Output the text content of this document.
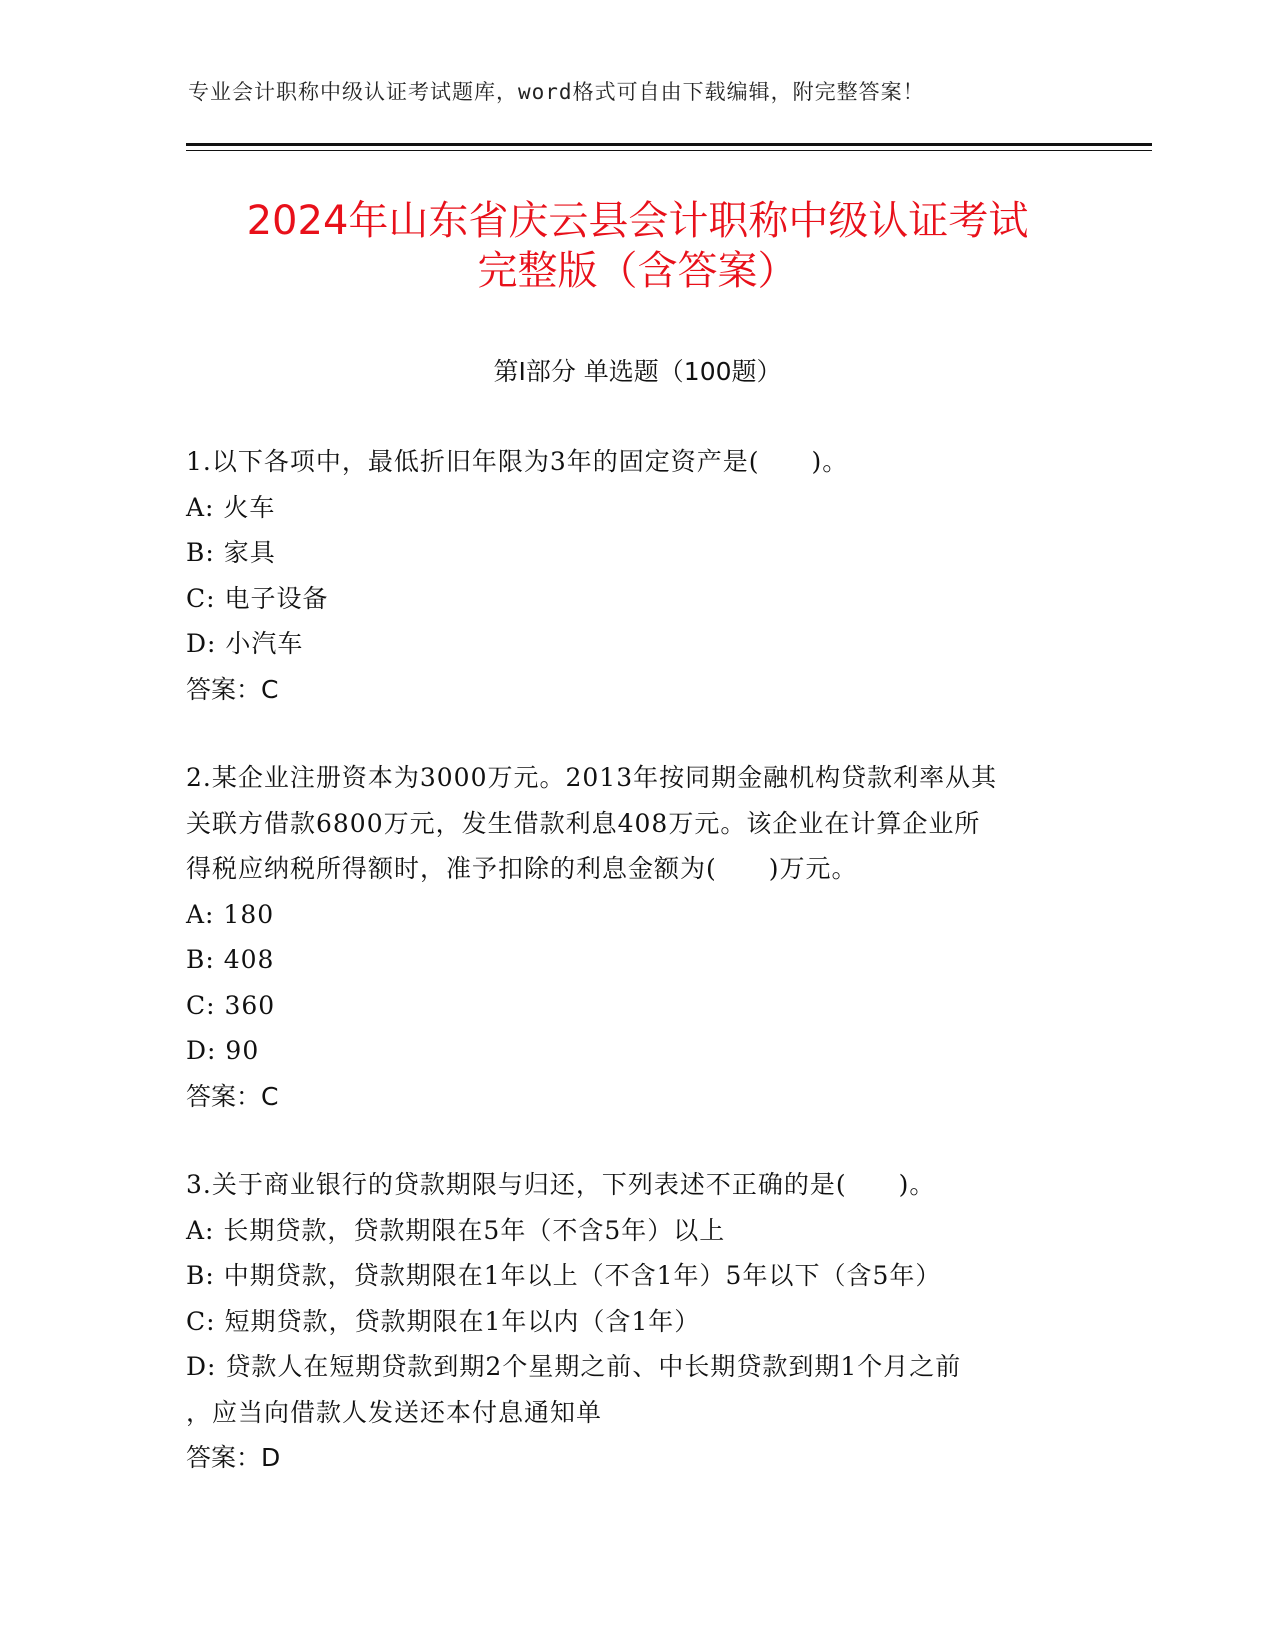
专业会计职称中级认证考试题库，word格式可自由下载编辑，附完整答案！
2024年山东省庆云县会计职称中级认证考试
完整版（含答案）
第Ⅰ部分 单选题（100题）

1.以下各项中，最低折旧年限为3年的固定资产是(　　)。

A: 火车

B: 家具

C: 电子设备

D: 小汽车

答案：C

2.某企业注册资本为3000万元。2013年按同期金融机构贷款利率从其

关联方借款6800万元，发生借款利息408万元。该企业在计算企业所

得税应纳税所得额时，准予扣除的利息金额为(　　)万元。

A: 180

B: 408

C: 360

D: 90

答案：C

3.关于商业银行的贷款期限与归还，下列表述不正确的是(　　)。

A: 长期贷款，贷款期限在5年（不含5年）以上

B: 中期贷款，贷款期限在1年以上（不含1年）5年以下（含5年）

C: 短期贷款，贷款期限在1年以内（含1年）

D: 贷款人在短期贷款到期2个星期之前、中长期贷款到期1个月之前

，应当向借款人发送还本付息通知单

答案：D
